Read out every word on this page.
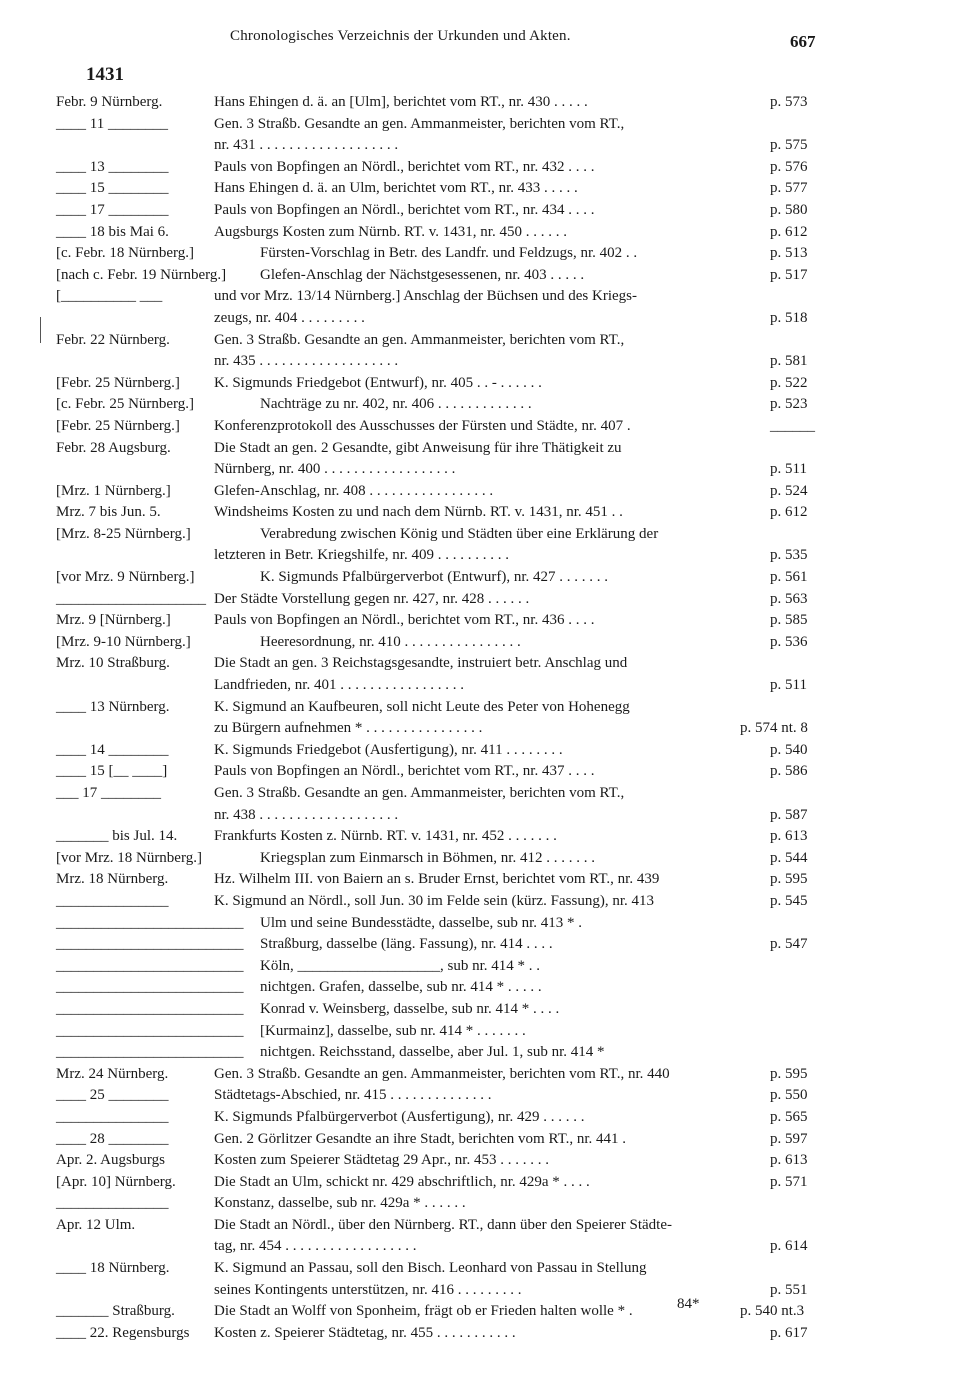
Chronologisches Verzeichnis der Urkunden und Akten.	667
1431
Febr. 9 Nürnberg.	Hans Ehingen d. ä. an [Ulm], berichtet vom RT., nr. 430 . . . . .	p. 573
____ 11 ________	Gen. 3 Straßb. Gesandte an gen. Ammanmeister, berichten vom RT.,
nr. 431 . . . . . . . . . . . . . . . . . . .	p. 575
____ 13 ________	Pauls von Bopfingen an Nördl., berichtet vom RT., nr. 432 . . . .	p. 576
____ 15 ________	Hans Ehingen d. ä. an Ulm, berichtet vom RT., nr. 433 . . . . .	p. 577
____ 17 ________	Pauls von Bopfingen an Nördl., berichtet vom RT., nr. 434 . . . .	p. 580
____ 18 bis Mai 6.	Augsburgs Kosten zum Nürnb. RT. v. 1431, nr. 450 . . . . . .	p. 612
[c. Febr. 18 Nürnberg.]	Fürsten-Vorschlag in Betr. des Landfr. und Feldzugs, nr. 402 . .	p. 513
[nach c. Febr. 19 Nürnberg.] Glefen-Anschlag der Nächstgesessenen, nr. 403 . . . . .	p. 517
[__________ ___	und vor Mrz. 13/14 Nürnberg.] Anschlag der Büchsen und des Kriegs-
zeugs, nr. 404 . . . . . . . . .	p. 518
Febr. 22 Nürnberg.	Gen. 3 Straßb. Gesandte an gen. Ammanmeister, berichten vom RT.,
nr. 435 . . . . . . . . . . . . . . . . . . .	p. 581
[Febr. 25 Nürnberg.] K. Sigmunds Friedgebot (Entwurf), nr. 405 . . - . . . . . .	p. 522
[c. Febr. 25 Nürnberg.]	Nachträge zu nr. 402, nr. 406 . . . . . . . . . . . . .	p. 523
[Febr. 25 Nürnberg.] Konferenzprotokoll des Ausschusses der Fürsten und Städte, nr. 407 .	______
Febr. 28 Augsburg.	Die Stadt an gen. 2 Gesandte, gibt Anweisung für ihre Thätigkeit zu
Nürnberg, nr. 400 . . . . . . . . . . . . . . . . . .	p. 511
[Mrz. 1 Nürnberg.]	Glefen-Anschlag, nr. 408 . . . . . . . . . . . . . . . . .	p. 524
Mrz. 7 bis Jun. 5.	Windsheims Kosten zu und nach dem Nürnb. RT. v. 1431, nr. 451 . .	p. 612
[Mrz. 8-25 Nürnberg.]	Verabredung zwischen König und Städten über eine Erklärung der
letzteren in Betr. Kriegshilfe, nr. 409 . . . . . . . . . .	p. 535
[vor Mrz. 9 Nürnberg.]	K. Sigmunds Pfalbürgerverbot (Entwurf), nr. 427 . . . . . . .	p. 561
____________________ Der Städte Vorstellung gegen nr. 427, nr. 428 . . . . . .	p. 563
Mrz. 9 [Nürnberg.]	Pauls von Bopfingen an Nördl., berichtet vom RT., nr. 436 . . . .	p. 585
[Mrz. 9-10 Nürnberg.]	Heeresordnung, nr. 410 . . . . . . . . . . . . . . . .	p. 536
Mrz. 10 Straßburg.	Die Stadt an gen. 3 Reichstagsgesandte, instruiert betr. Anschlag und
Landfrieden, nr. 401 . . . . . . . . . . . . . . . . .	p. 511
____ 13 Nürnberg.	K. Sigmund an Kaufbeuren, soll nicht Leute des Peter von Hohenegg
zu Bürgern aufnehmen * . . . . . . . . . . . . . . . .	p. 574 nt. 8
____ 14 ________	K. Sigmunds Friedgebot (Ausfertigung), nr. 411 . . . . . . . .	p. 540
____ 15 [__ ____]	Pauls von Bopfingen an Nördl., berichtet vom RT., nr. 437 . . . .	p. 586
___ 17 ________	Gen. 3 Straßb. Gesandte an gen. Ammanmeister, berichten vom RT.,
nr. 438 . . . . . . . . . . . . . . . . . . .	p. 587
_______ bis Jul. 14. Frankfurts Kosten z. Nürnb. RT. v. 1431, nr. 452 . . . . . . .	p. 613
[vor Mrz. 18 Nürnberg.]	Kriegsplan zum Einmarsch in Böhmen, nr. 412 . . . . . . .	p. 544
Mrz. 18 Nürnberg.	Hz. Wilhelm III. von Baiern an s. Bruder Ernst, berichtet vom RT., nr. 439	p. 595
_______________	K. Sigmund an Nördl., soll Jun. 30 im Felde sein (kürz. Fassung), nr. 413	p. 545
_________________________ Ulm und seine Bundesstädte, dasselbe, sub nr. 413 * .
_________________________ Straßburg, dasselbe (läng. Fassung), nr. 414 . . . .	p. 547
_________________________ Köln, ___________________, sub nr. 414 * . .
_________________________ nichtgen. Grafen, dasselbe, sub nr. 414 * . . . . .
_________________________ Konrad v. Weinsberg, dasselbe, sub nr. 414 * . . . .
_________________________ [Kurmainz], dasselbe, sub nr. 414 * . . . . . . .
_________________________ nichtgen. Reichsstand, dasselbe, aber Jul. 1, sub nr. 414 *
Mrz. 24 Nürnberg.	Gen. 3 Straßb. Gesandte an gen. Ammanmeister, berichten vom RT., nr. 440	p. 595
____ 25 ________	Städtetags-Abschied, nr. 415 . . . . . . . . . . . . . .	p. 550
_______________	K. Sigmunds Pfalbürgerverbot (Ausfertigung), nr. 429 . . . . . .	p. 565
____ 28 ________	Gen. 2 Görlitzer Gesandte an ihre Stadt, berichten vom RT., nr. 441 .	p. 597
Apr. 2. Augsburgs	Kosten zum Speierer Städtetag 29 Apr., nr. 453 . . . . . . .	p. 613
[Apr. 10] Nürnberg.	Die Stadt an Ulm, schickt nr. 429 abschriftlich, nr. 429a * . . . .	p. 571
_______________	Konstanz, dasselbe, sub nr. 429a * . . . . . .
Apr. 12 Ulm.	Die Stadt an Nördl., über den Nürnberg. RT., dann über den Speierer Städte-
tag, nr. 454 . . . . . . . . . . . . . . . . . .	p. 614
____ 18 Nürnberg.	K. Sigmund an Passau, soll den Bisch. Leonhard von Passau in Stellung
seines Kontingents unterstützen, nr. 416 . . . . . . . . .	p. 551
_______ Straßburg.	Die Stadt an Wolff von Sponheim, frägt ob er Frieden halten wolle * .	p. 540 nt.3
____ 22. Regensburgs Kosten z. Speierer Städtetag, nr. 455 . . . . . . . . . . .	p. 617
84*
